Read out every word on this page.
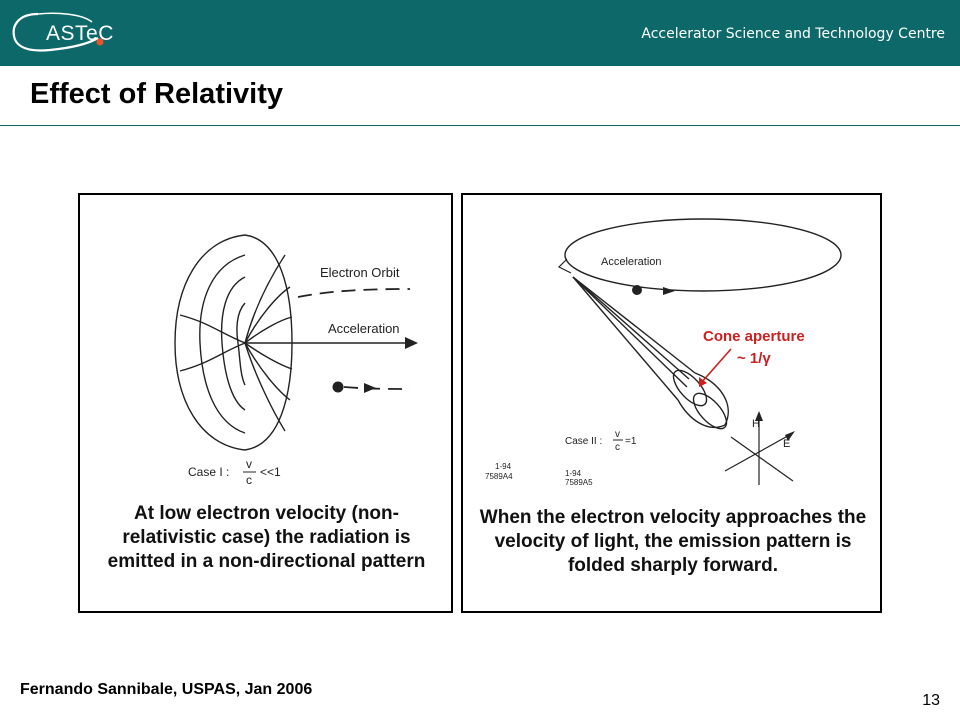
ASTeC	Accelerator Science and Technology Centre
Effect of Relativity
Electron Orbit
Acceleration
Case I :
v
c
<<1

At low electron velocity (non-relativistic case) the radiation is emitted in a non-directional pattern

Acceleration
H
E
Cone aperture
~ 1/γ
Case II :
v
c
=1
1-94
7589A4	1-94
7589A5

When the electron velocity approaches the velocity of light, the emission pattern is folded sharply forward.

Fernando Sannibale, USPAS, Jan 2006

13
